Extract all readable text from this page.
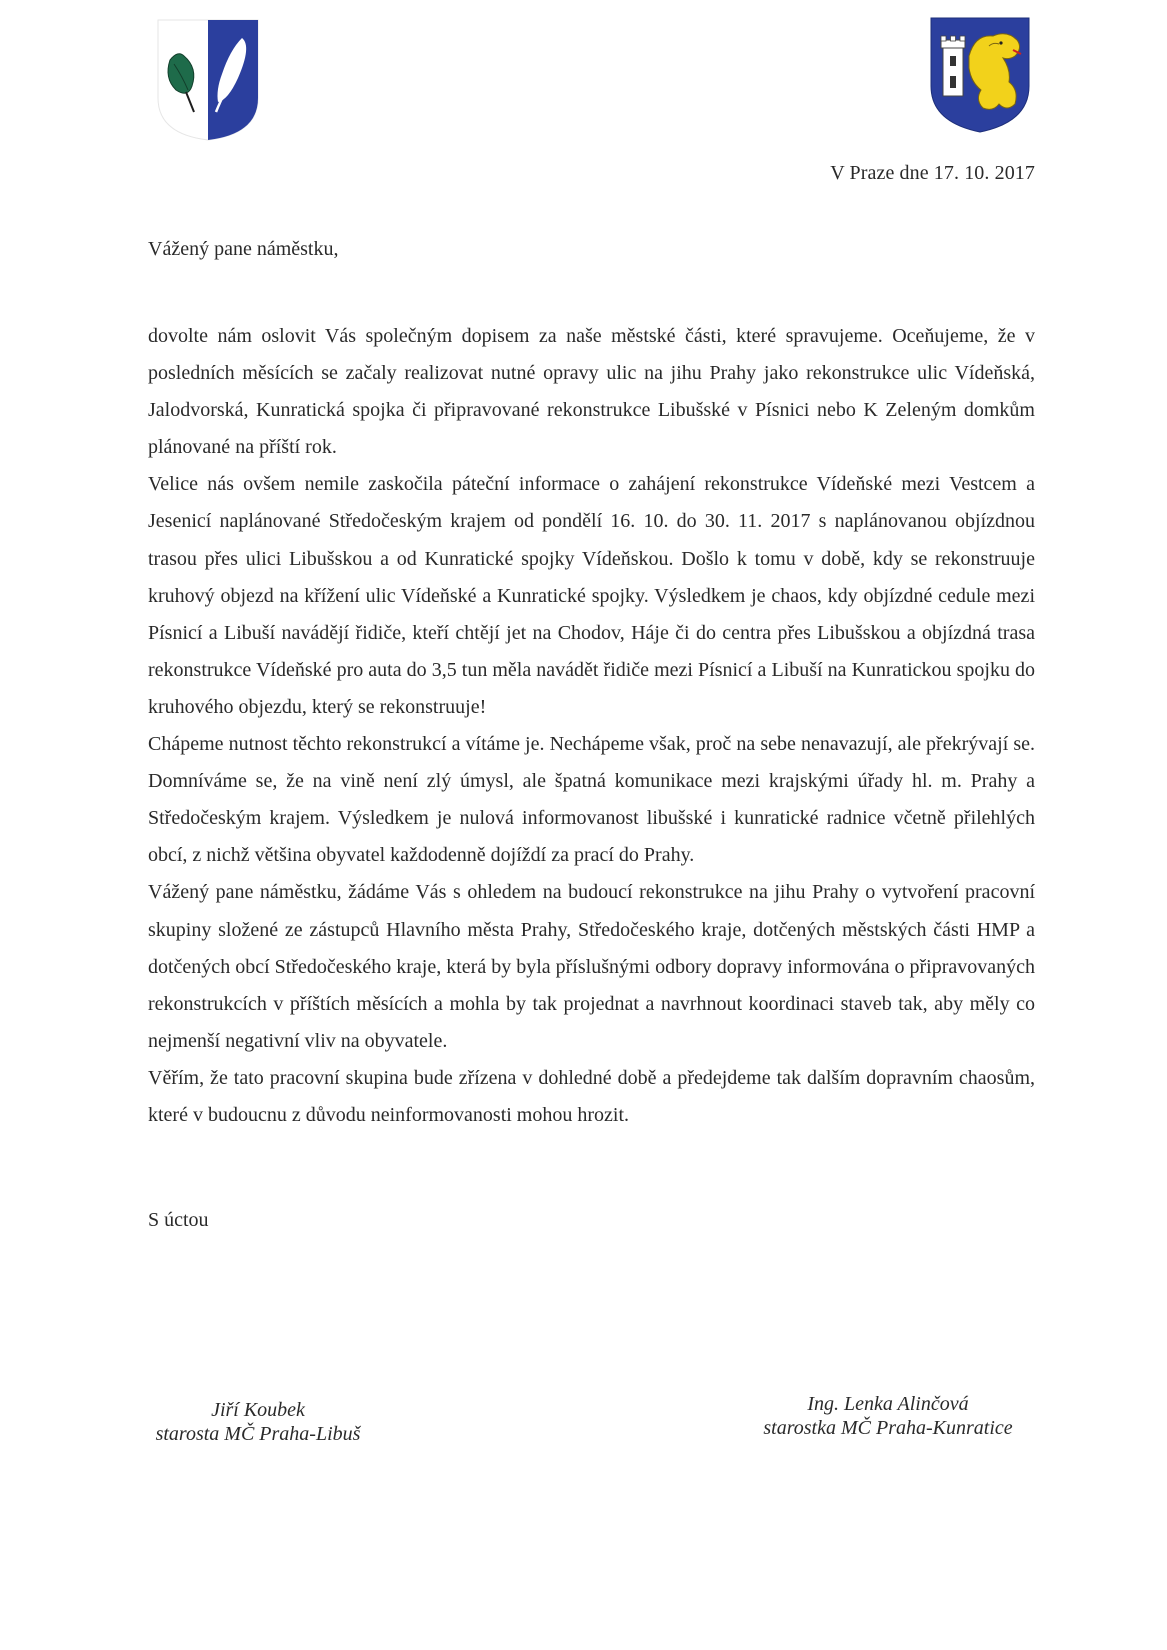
V Praze dne 17. 10. 2017
Vážený pane náměstku,

dovolte nám oslovit Vás společným dopisem za naše městské části, které spravujeme. Oceňujeme, že v posledních měsících se začaly realizovat nutné opravy ulic na jihu Prahy jako rekonstrukce ulic Vídeňská, Jalodvorská, Kunratická spojka či připravované rekonstrukce Libušské v Písnici nebo K Zeleným domkům plánované na příští rok.

Velice nás ovšem nemile zaskočila páteční informace o zahájení rekonstrukce Vídeňské mezi Vestcem a Jesenicí naplánované Středočeským krajem od pondělí 16. 10. do 30. 11. 2017 s naplánovanou objízdnou trasou přes ulici Libušskou a od Kunratické spojky Vídeňskou. Došlo k tomu v době, kdy se rekonstruuje kruhový objezd na křížení ulic Vídeňské a Kunratické spojky. Výsledkem je chaos, kdy objízdné cedule mezi Písnicí a Libuší navádějí řidiče, kteří chtějí jet na Chodov, Háje či do centra přes Libušskou a objízdná trasa rekonstrukce Vídeňské pro auta do 3,5 tun měla navádět řidiče mezi Písnicí a Libuší na Kunratickou spojku do kruhového objezdu, který se rekonstruuje!

Chápeme nutnost těchto rekonstrukcí a vítáme je. Nechápeme však, proč na sebe nenavazují, ale překrývají se. Domníváme se, že na vině není zlý úmysl, ale špatná komunikace mezi krajskými úřady hl. m. Prahy a Středočeským krajem. Výsledkem je nulová informovanost libušské i kunratické radnice včetně přilehlých obcí, z nichž většina obyvatel každodenně dojíždí za prací do Prahy.

Vážený pane náměstku, žádáme Vás s ohledem na budoucí rekonstrukce na jihu Prahy o vytvoření pracovní skupiny složené ze zástupců Hlavního města Prahy, Středočeského kraje, dotčených městských části HMP a dotčených obcí Středočeského kraje, která by byla příslušnými odbory dopravy informována o připravovaných rekonstrukcích v příštích měsících a mohla by tak projednat a navrhnout koordinaci staveb tak, aby měly co nejmenší negativní vliv na obyvatele.

Věřím, že tato pracovní skupina bude zřízena v dohledné době a předejdeme tak dalším dopravním chaosům, které v budoucnu z důvodu neinformovanosti mohou hrozit.

S úctou
Jiří Koubek
starosta MČ Praha-Libuš
Ing. Lenka Alinčová
starostka MČ Praha-Kunratice
